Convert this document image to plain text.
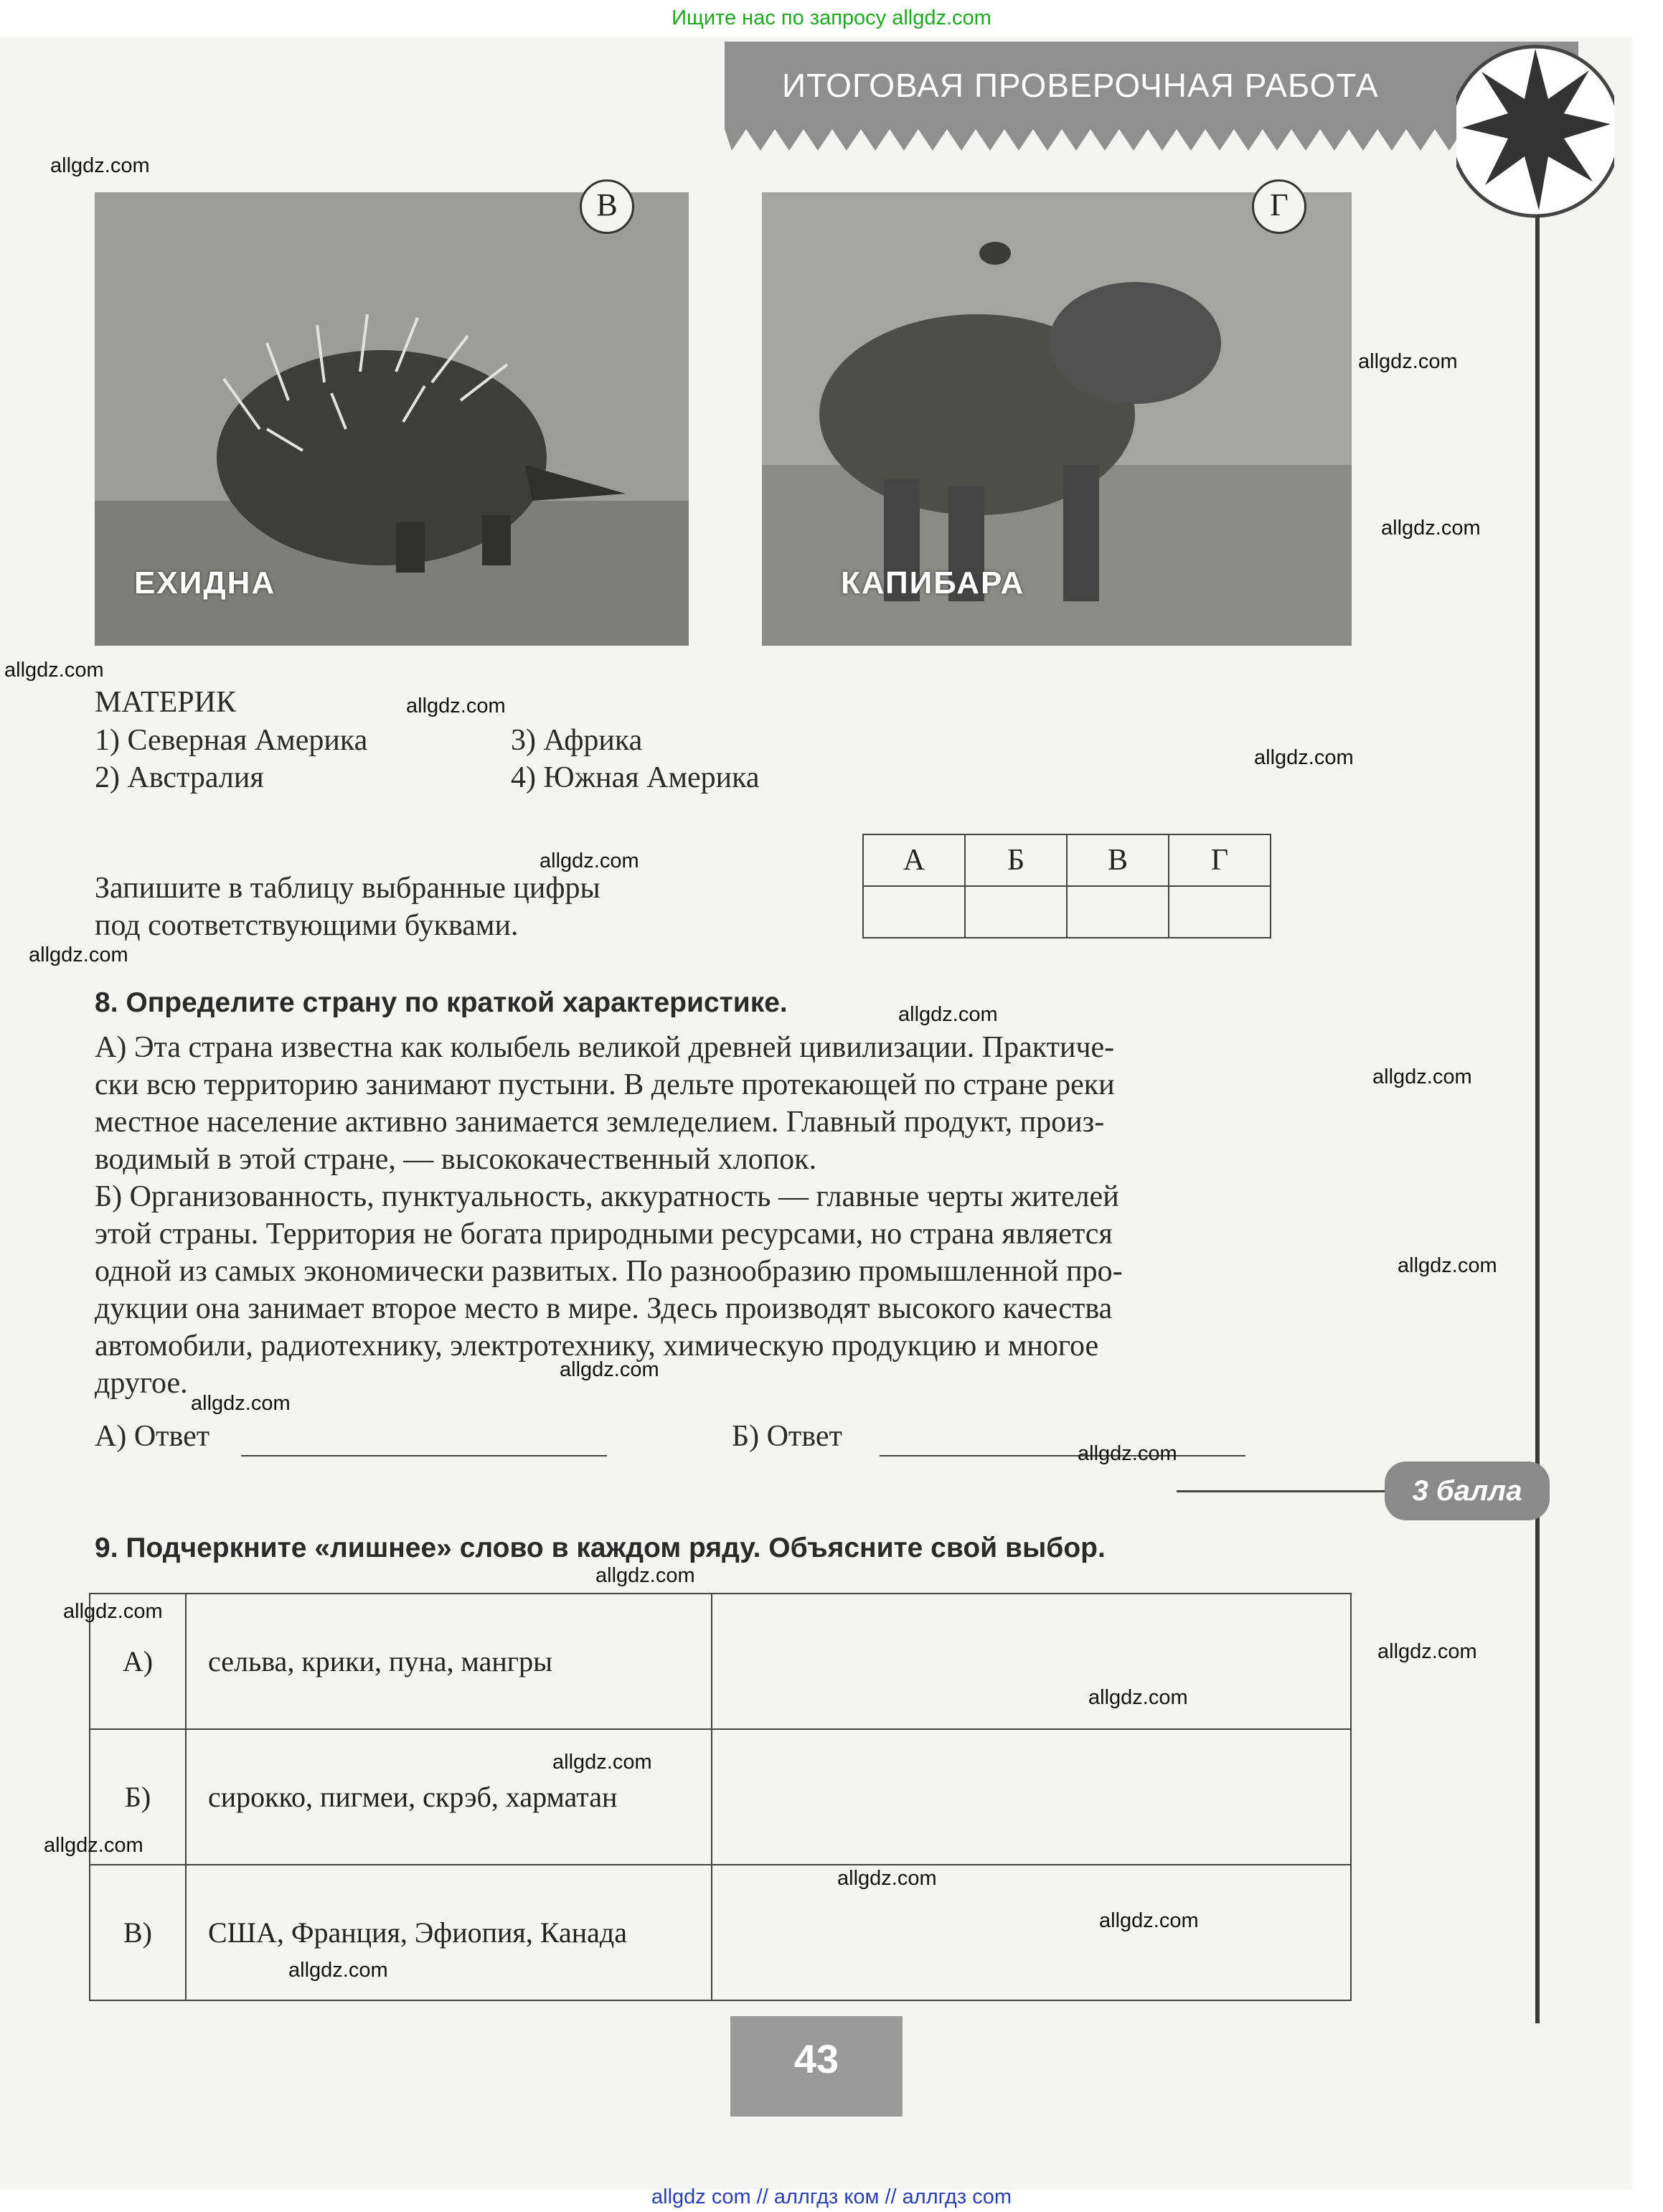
Ищите нас по запросу allgdz.com
ИТОГОВАЯ ПРОВЕРОЧНАЯ РАБОТА
ЕХИДНА
В
КАПИБАРА
Г
МАТЕРИК
1) Северная Америка
2) Австралия
3) Африка
4) Южная Америка
Запишите в таблицу выбранные цифры
под соответствующими буквами.
А	Б	В	Г

8. Определите страну по краткой характеристике.
А) Эта страна известна как колыбель великой древней цивилизации. Практиче-
ски всю территорию занимают пустыни. В дельте протекающей по стране реки
местное население активно занимается земледелием. Главный продукт, произ-
водимый в этой стране, — высококачественный хлопок.
Б) Организованность, пунктуальность, аккуратность — главные черты жителей
этой страны. Территория не богата природными ресурсами, но страна является
одной из самых экономически развитых. По разнообразию промышленной про-
дукции она занимает второе место в мире. Здесь производят высокого качества
автомобили, радиотехнику, электротехнику, химическую продукцию и многое
другое.
А) Ответ	Б) Ответ
3 балла
9. Подчеркните «лишнее» слово в каждом ряду. Объясните свой выбор.
А)	сельва, крики, пуна, мангры	
Б)	сирокко, пигмеи, скрэб, харматан	
В)	США, Франция, Эфиопия, Канада	
43
allgdz.com
allgdz.com
allgdz.com
allgdz.com
allgdz.com
allgdz.com
allgdz.com
allgdz.com
allgdz.com
allgdz.com
allgdz.com
allgdz.com
allgdz.com
allgdz.com
allgdz.com
allgdz.com
allgdz.com
allgdz.com
allgdz.com
allgdz.com
allgdz.com
allgdz.com
allgdz.com
allgdz com // аллгдз ком // аллгдз com
